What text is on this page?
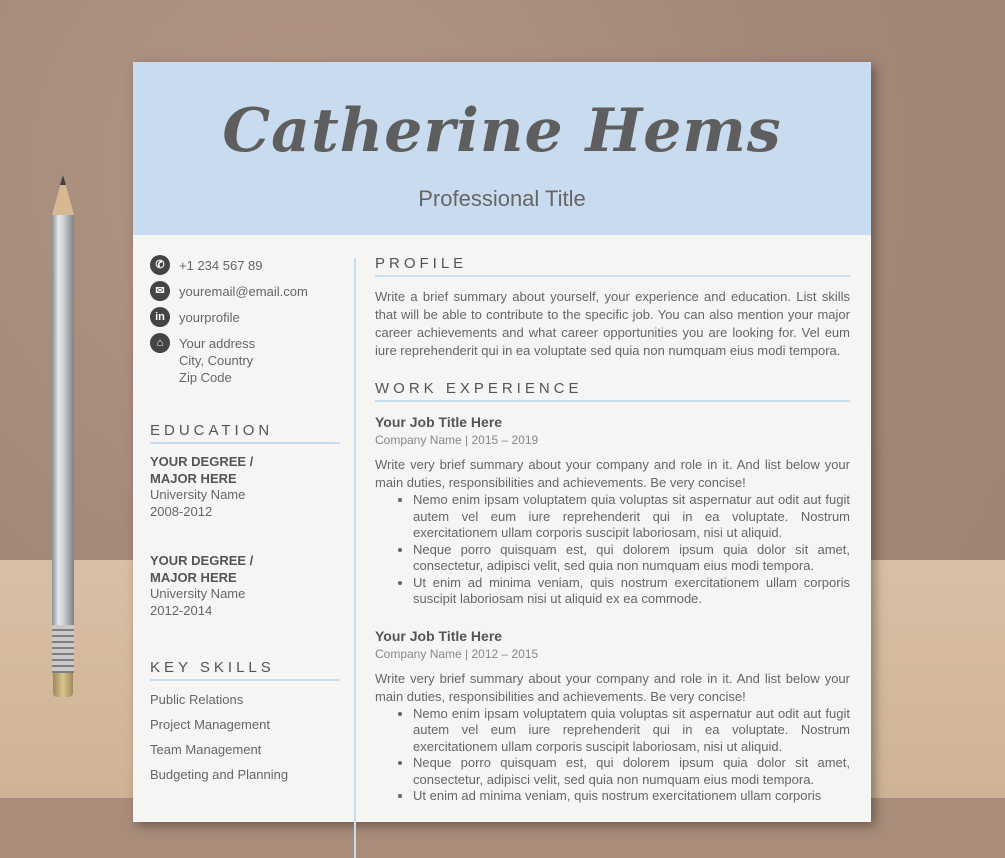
Catherine Hems
Professional Title
✆	+1 234 567 89
✉	youremail@email.com
in	yourprofile
⌂	Your address
City, Country
Zip Code
EDUCATION
YOUR DEGREE /
MAJOR HERE
University Name
2008-2012
YOUR DEGREE /
MAJOR HERE
University Name
2012-2014
KEY SKILLS
Public Relations
Project Management
Team Management
Budgeting and Planning
PROFILE

Write a brief summary about yourself, your experience and education. List skills that will be able to contribute to the specific job. You can also mention your major career achievements and what career opportunities you are looking for. Vel eum iure reprehenderit qui in ea voluptate sed quia non numquam eius modi tempora.

WORK EXPERIENCE
Your Job Title Here
Company Name | 2015 – 2019

Write very brief summary about your company and role in it. And list below your main duties, responsibilities and achievements. Be very concise!

• Nemo enim ipsam voluptatem quia voluptas sit aspernatur aut odit aut fugit autem vel eum iure reprehenderit qui in ea voluptate. Nostrum exercitationem ullam corporis suscipit laboriosam, nisi ut aliquid.
• Neque porro quisquam est, qui dolorem ipsum quia dolor sit amet, consectetur, adipisci velit, sed quia non numquam eius modi tempora.
• Ut enim ad minima veniam, quis nostrum exercitationem ullam corporis suscipit laboriosam nisi ut aliquid ex ea commode.
Your Job Title Here
Company Name | 2012 – 2015

Write very brief summary about your company and role in it. And list below your main duties, responsibilities and achievements. Be very concise!

• Nemo enim ipsam voluptatem quia voluptas sit aspernatur aut odit aut fugit autem vel eum iure reprehenderit qui in ea voluptate. Nostrum exercitationem ullam corporis suscipit laboriosam, nisi ut aliquid.
• Neque porro quisquam est, qui dolorem ipsum quia dolor sit amet, consectetur, adipisci velit, sed quia non numquam eius modi tempora.
• Ut enim ad minima veniam, quis nostrum exercitationem ullam corporis
